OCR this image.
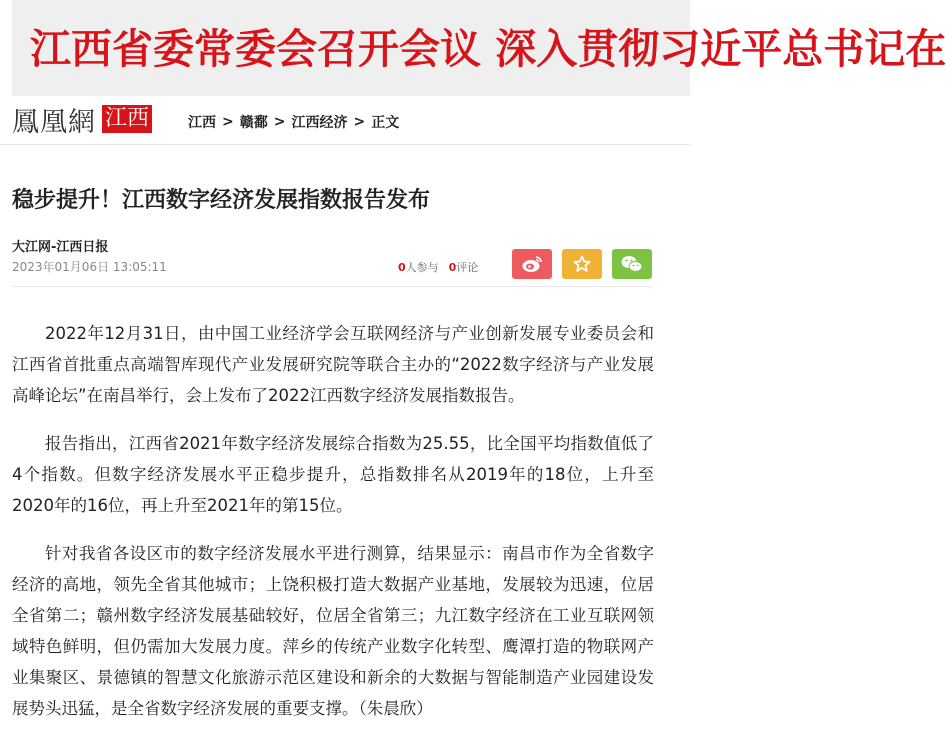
江西省委常委会召开会议 深入贯彻习近平总书记在
鳳凰網 江西	江西 > 赣鄱 > 江西经济 > 正文
稳步提升！江西数字经济发展指数报告发布
大江网-江西日报
2023年01月06日 13:05:11	0人参与 0评论

2022年12月31日，由中国工业经济学会互联网经济与产业创新发展专业委员会和江西省首批重点高端智库现代产业发展研究院等联合主办的“2022数字经济与产业发展高峰论坛”在南昌举行，会上发布了2022江西数字经济发展指数报告。

报告指出，江西省2021年数字经济发展综合指数为25.55，比全国平均指数值低了4个指数。但数字经济发展水平正稳步提升，总指数排名从2019年的18位，上升至2020年的16位，再上升至2021年的第15位。

针对我省各设区市的数字经济发展水平进行测算，结果显示：南昌市作为全省数字经济的高地，领先全省其他城市；上饶积极打造大数据产业基地，发展较为迅速，位居全省第二；赣州数字经济发展基础较好，位居全省第三；九江数字经济在工业互联网领域特色鲜明，但仍需加大发展力度。萍乡的传统产业数字化转型、鹰潭打造的物联网产业集聚区、景德镇的智慧文化旅游示范区建设和新余的大数据与智能制造产业园建设发展势头迅猛，是全省数字经济发展的重要支撑。（朱晨欣）
